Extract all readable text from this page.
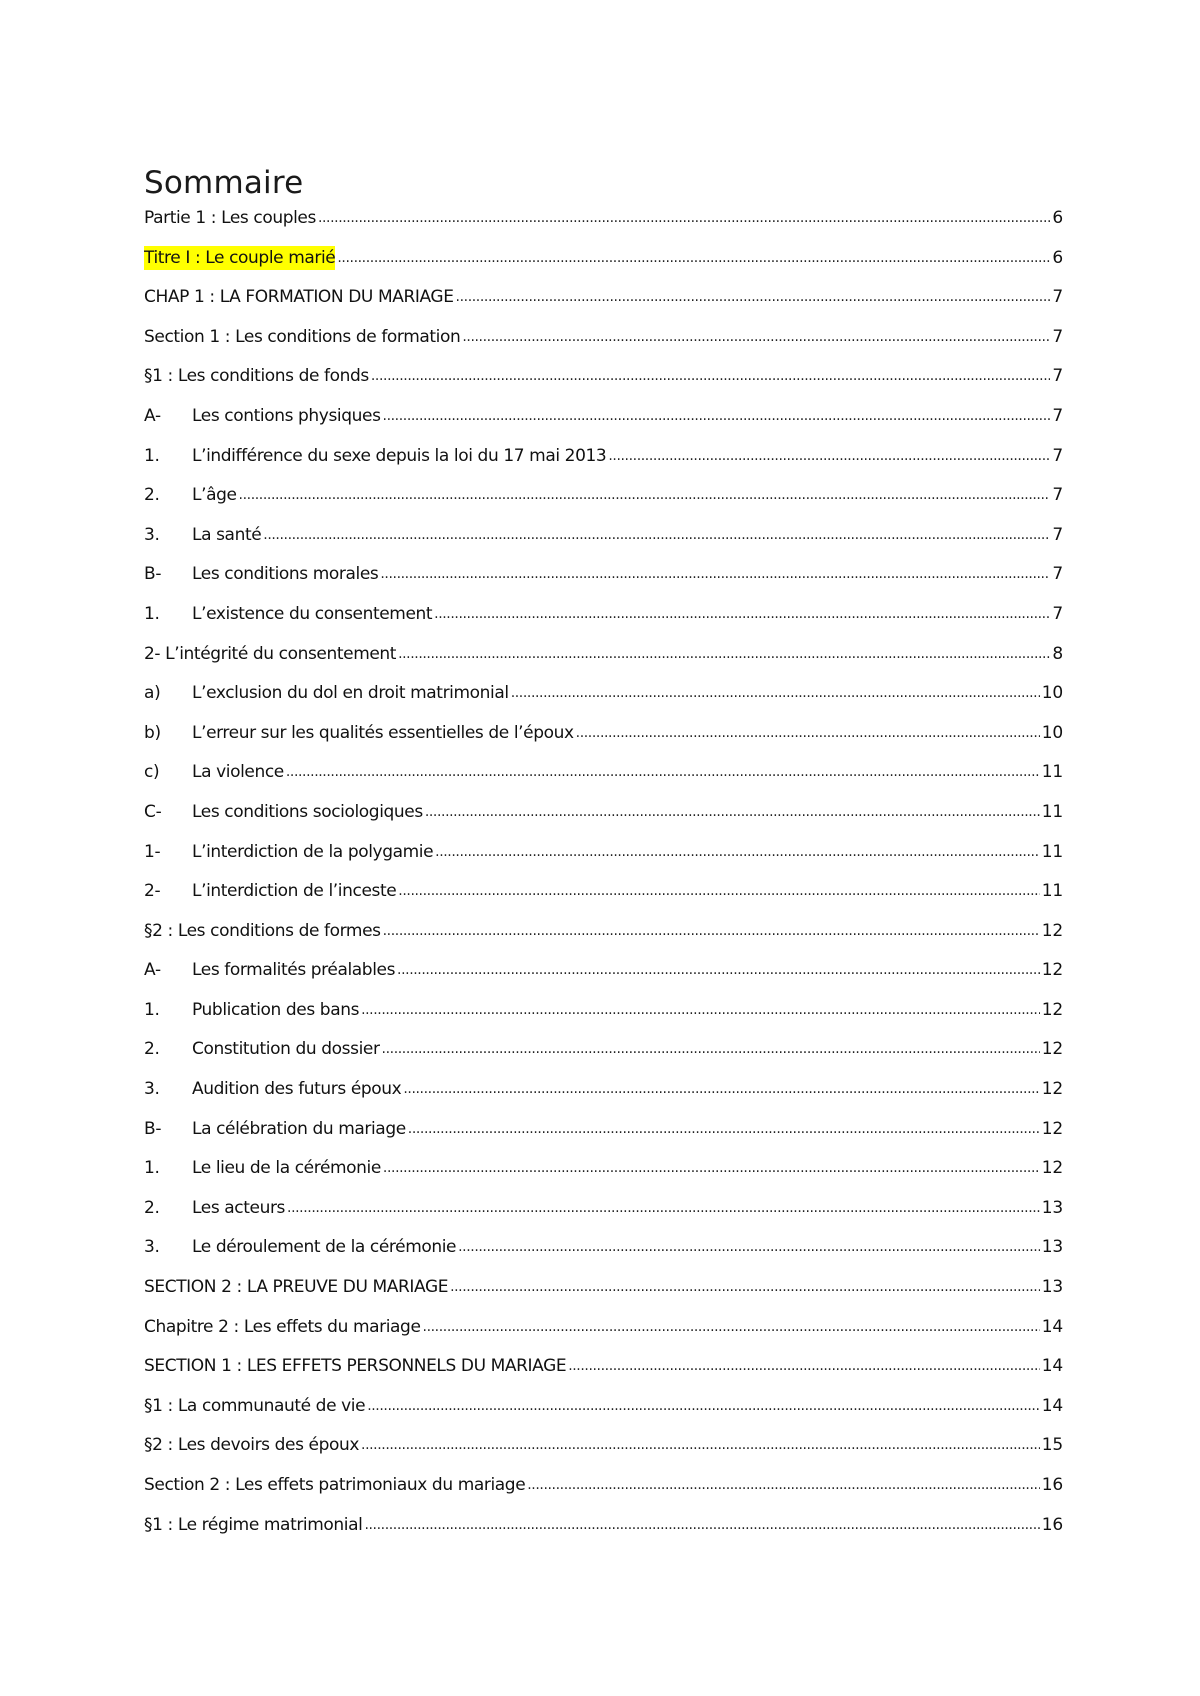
Sommaire
Partie 1 : Les couples .....	6
Titre I : Le couple marié .....	6
CHAP 1 : LA FORMATION DU MARIAGE .....	7
Section 1 : Les conditions de formation .....	7
§1 : Les conditions de fonds .....	7
A-	Les contions physiques .....	7
1.	L’indifférence du sexe depuis la loi du 17 mai 2013 .....	7
2.	L’âge .....	7
3.	La santé .....	7
B-	Les conditions morales .....	7
1.	L’existence du consentement .....	7
2- L’intégrité du consentement .....	8
a)	L’exclusion du dol en droit matrimonial .....	10
b)	L’erreur sur les qualités essentielles de l’époux .....	10
c)	La violence .....	11
C-	Les conditions sociologiques .....	11
1-	L’interdiction de la polygamie .....	11
2-	L’interdiction de l’inceste .....	11
§2 : Les conditions de formes .....	12
A-	Les formalités préalables .....	12
1.	Publication des bans .....	12
2.	Constitution du dossier .....	12
3.	Audition des futurs époux .....	12
B-	La célébration du mariage .....	12
1.	Le lieu de la cérémonie .....	12
2.	Les acteurs .....	13
3.	Le déroulement de la cérémonie .....	13
SECTION 2 : LA PREUVE DU MARIAGE .....	13
Chapitre 2 : Les effets du mariage .....	14
SECTION 1 : LES EFFETS PERSONNELS DU MARIAGE .....	14
§1 : La communauté de vie .....	14
§2 : Les devoirs des époux .....	15
Section 2 : Les effets patrimoniaux du mariage .....	16
§1 : Le régime matrimonial .....	16
